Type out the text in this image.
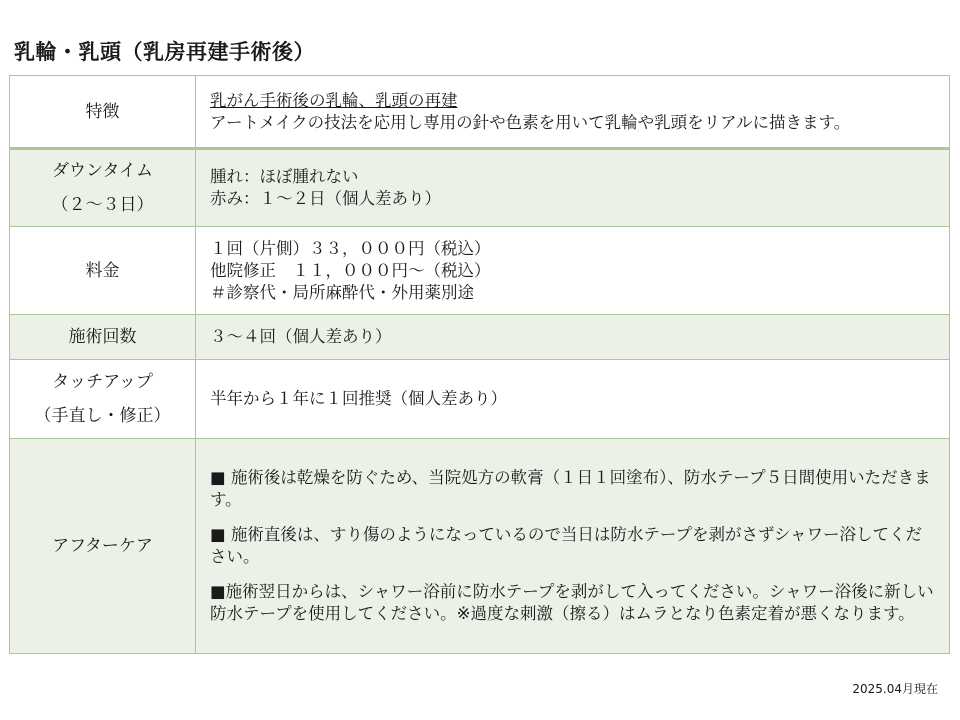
乳輪・乳頭（乳房再建手術後）
特徴
乳がん手術後の乳輪、乳頭の再建
アートメイクの技法を応用し専用の針や色素を用いて乳輪や乳頭をリアルに描きます。
ダウンタイム
（２～３日）
腫れ：ほぼ腫れない
赤み：１～２日（個人差あり）
料金
１回（片側）３３，０００円（税込）
他院修正　１１，０００円～（税込）
＃診察代・局所麻酔代・外用薬別途
施術回数	３～４回（個人差あり）
タッチアップ
（手直し・修正）
半年から１年に１回推奨（個人差あり）
アフターケア

■ 施術後は乾燥を防ぐため、当院処方の軟膏（１日１回塗布）、防水テープ５日間使用いただきます。

■ 施術直後は、すり傷のようになっているので当日は防水テープを剥がさずシャワー浴してください。

■施術翌日からは、シャワー浴前に防水テープを剥がして入ってください。シャワー浴後に新しい防水テープを使用してください。※過度な刺激（擦る）はムラとなり色素定着が悪くなります。

2025.04月現在
